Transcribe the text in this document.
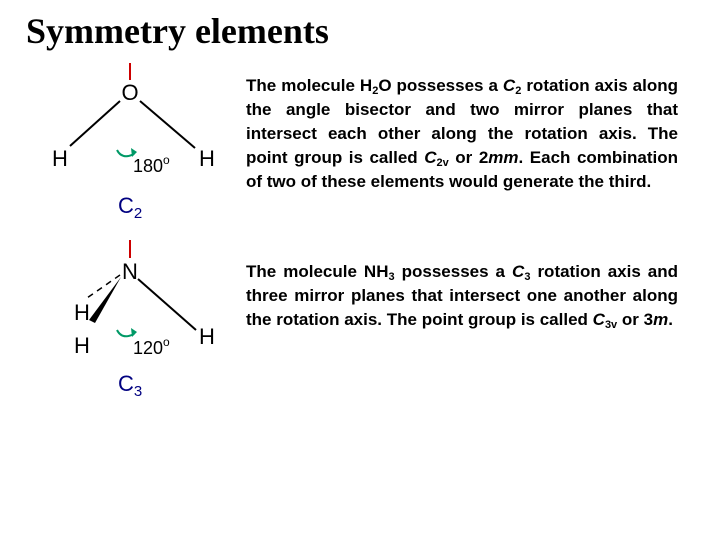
Symmetry elements
O
H	H
180$^o$
$C_2$
N
H
H	H
120$^o$
$C_3$

The molecule $H_2O$ possesses a $C_2$ rotation axis along the angle bisector and two mirror planes that intersect each other along the rotation axis. The point group is called $C_{2v}$ or 2mm. Each combination of two of these elements would generate the third.

The molecule $NH_3$ possesses a $C_3$ rotation axis and three mirror planes that intersect one another along the rotation axis. The point group is called $C_{3v}$ or 3m.
